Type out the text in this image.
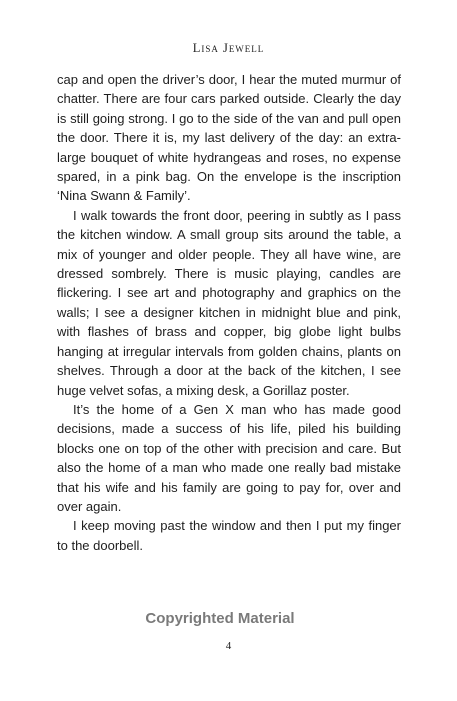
Lisa Jewell

cap and open the driver’s door, I hear the muted murmur of chatter. There are four cars parked outside. Clearly the day is still going strong. I go to the side of the van and pull open the door. There it is, my last delivery of the day: an extra-large bouquet of white hydrangeas and roses, no expense spared, in a pink bag. On the envelope is the inscription ‘Nina Swann & Family’.

I walk towards the front door, peering in subtly as I pass the kitchen window. A small group sits around the table, a mix of younger and older people. They all have wine, are dressed sombrely. There is music playing, candles are flickering. I see art and photography and graphics on the walls; I see a designer kitchen in midnight blue and pink, with flashes of brass and copper, big globe light bulbs hanging at irregular intervals from golden chains, plants on shelves. Through a door at the back of the kitchen, I see huge velvet sofas, a mixing desk, a Gorillaz poster.

It’s the home of a Gen X man who has made good decisions, made a success of his life, piled his building blocks one on top of the other with precision and care. But also the home of a man who made one really bad mistake that his wife and his family are going to pay for, over and over again.

I keep moving past the window and then I put my finger to the doorbell.

Copyrighted Material
4
